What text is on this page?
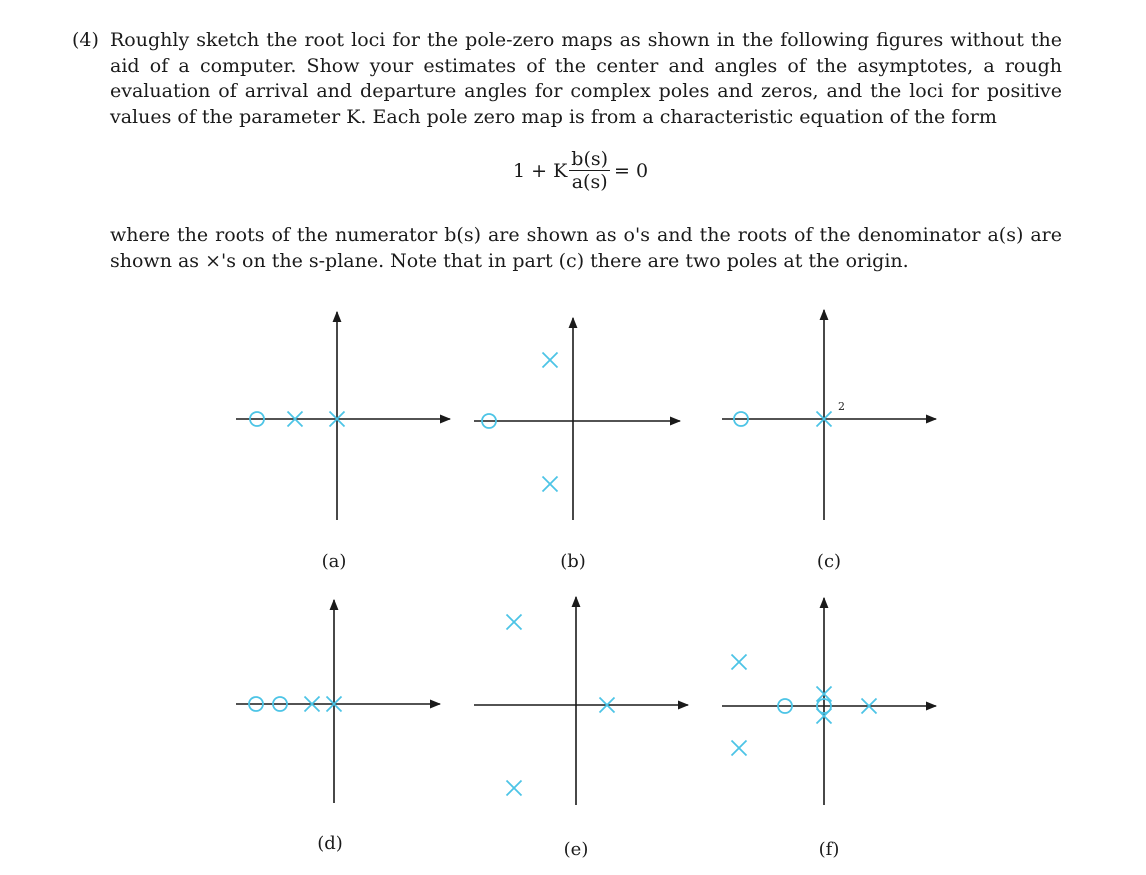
(4) Roughly sketch the root loci for the pole-zero maps as shown in the following figures without the aid of a computer. Show your estimates of the center and angles of the asymptotes, a rough evaluation of arrival and departure angles for complex poles and zeros, and the loci for positive values of the parameter K. Each pole zero map is from a characteristic equation of the form
1 + K $\frac{b(s)}{a(s)} = 0$
where the roots of the numerator b(s) are shown as o's and the roots of the denominator a(s) are shown as ×'s on the s-plane. Note that in part (c) there are two poles at the origin.
2
(a)	(b)	(c)
(d)	(e)	(f)
